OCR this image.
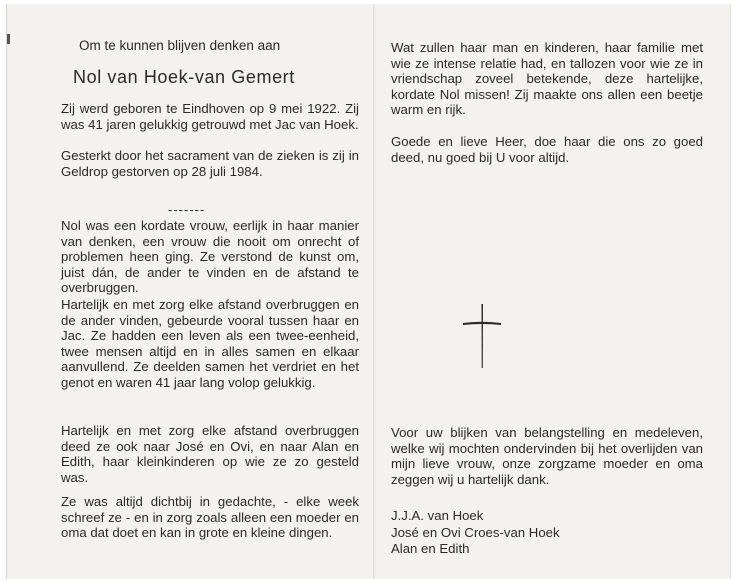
Om te kunnen blijven denken aan
Nol van Hoek-van Gemert

Zij werd geboren te Eindhoven op 9 mei 1922. Zij was 41 jaren gelukkig getrouwd met Jac van Hoek.

Gesterkt door het sacrament van de zieken is zij in Geldrop gestorven op 28 juli 1984.

-------

Nol was een kordate vrouw, eerlijk in haar manier van denken, een vrouw die nooit om onrecht of problemen heen ging. Ze verstond de kunst om, juist dán, de ander te vinden en de afstand te overbruggen.

Hartelijk en met zorg elke afstand overbruggen en de ander vinden, gebeurde vooral tussen haar en Jac. Ze hadden een leven als een twee-eenheid, twee mensen altijd en in alles samen en elkaar aanvullend. Ze deelden samen het verdriet en het genot en waren 41 jaar lang volop gelukkig.

Hartelijk en met zorg elke afstand overbruggen deed ze ook naar José en Ovi, en naar Alan en Edith, haar kleinkinderen op wie ze zo gesteld was.

Ze was altijd dichtbij in gedachte, - elke week schreef ze - en in zorg zoals alleen een moeder en oma dat doet en kan in grote en kleine dingen.

Wat zullen haar man en kinderen, haar familie met wie ze intense relatie had, en tallozen voor wie ze in vriendschap zoveel betekende, deze hartelijke, kordate Nol missen! Zij maakte ons allen een beetje warm en rijk.

Goede en lieve Heer, doe haar die ons zo goed deed, nu goed bij U voor altijd.

Voor uw blijken van belangstelling en medeleven, welke wij mochten ondervinden bij het overlijden van mijn lieve vrouw, onze zorgzame moeder en oma zeggen wij u hartelijk dank.

J.J.A. van Hoek

José en Ovi Croes-van Hoek

Alan en Edith
